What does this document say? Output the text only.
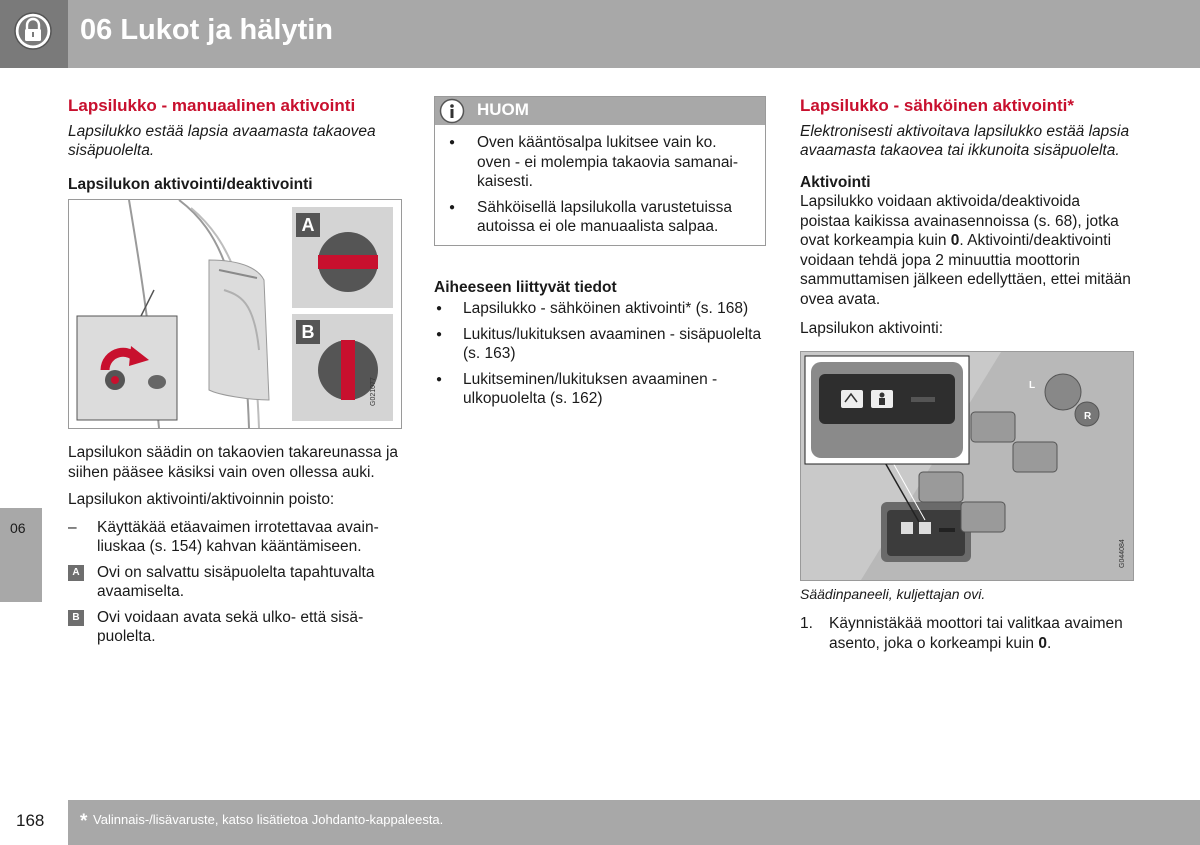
06 Lukot ja hälytin
06
Lapsilukko - manuaalinen aktivointi

Lapsilukko estää lapsia avaamasta takaovea sisäpuolelta.

Lapsilukon aktivointi/deaktivointi
A
B
G021077

Lapsilukon säädin on takaovien takareunassa ja siihen pääsee käsiksi vain oven ollessa auki.

Lapsilukon aktivointi/aktivoinnin poisto:

– Käyttäkää etäavaimen irrotettavaa avainliuskaa (s. 154) kahvan kääntämiseen.
A Ovi on salvattu sisäpuolelta tapahtuvalta avaamiselta.
B Ovi voidaan avata sekä ulko- että sisäpuolelta.
HUOM
● Oven kääntösalpa lukitsee vain ko. oven - ei molempia takaovia samanaikaisesti.
● Sähköisellä lapsilukolla varustetuissa autoissa ei ole manuaalista salpaa.
Aiheeseen liittyvät tiedot
● Lapsilukko - sähköinen aktivointi* (s. 168)
● Lukitus/lukituksen avaaminen - sisäpuolelta (s. 163)
● Lukitseminen/lukituksen avaaminen - ulkopuolelta (s. 162)
Lapsilukko - sähköinen aktivointi*

Elektronisesti aktivoitava lapsilukko estää lapsia avaamasta takaovea tai ikkunoita sisäpuolelta.

Aktivointi

Lapsilukko voidaan aktivoida/deaktivoida poistaa kaikissa avainasennoissa (s. 68), jotka ovat korkeampia kuin 0. Aktivointi/deaktivointi voidaan tehdä jopa 2 minuuttia moottorin sammuttamisen jälkeen edellyttäen, ettei mitään ovea avata.

Lapsilukon aktivointi:

L
R
G044084

Säädinpaneeli, kuljettajan ovi.

1. Käynnistäkää moottori tai valitkaa avaimen asento, joka o korkeampi kuin 0.
168 * Valinnais-/lisävaruste, katso lisätietoa Johdanto-kappaleesta.
